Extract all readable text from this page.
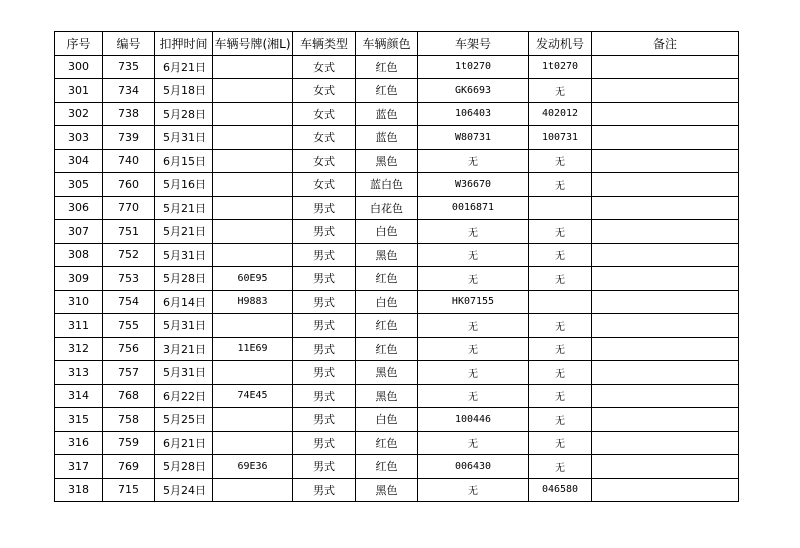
序号	编号	扣押时间	车辆号牌(湘L)	车辆类型	车辆颜色	车架号	发动机号	备注
300	735	6月21日		女式	红色	1t0270	1t0270	
301	734	5月18日		女式	红色	GK6693	无	
302	738	5月28日		女式	蓝色	106403	402012	
303	739	5月31日		女式	蓝色	W80731	100731	
304	740	6月15日		女式	黑色	无	无	
305	760	5月16日		女式	蓝白色	W36670	无	
306	770	5月21日		男式	白花色	0016871		
307	751	5月21日		男式	白色	无	无	
308	752	5月31日		男式	黑色	无	无	
309	753	5月28日	60E95	男式	红色	无	无	
310	754	6月14日	H9883	男式	白色	HK07155		
311	755	5月31日		男式	红色	无	无	
312	756	3月21日	11E69	男式	红色	无	无	
313	757	5月31日		男式	黑色	无	无	
314	768	6月22日	74E45	男式	黑色	无	无	
315	758	5月25日		男式	白色	100446	无	
316	759	6月21日		男式	红色	无	无	
317	769	5月28日	69E36	男式	红色	006430	无	
318	715	5月24日		男式	黑色	无	046580	
